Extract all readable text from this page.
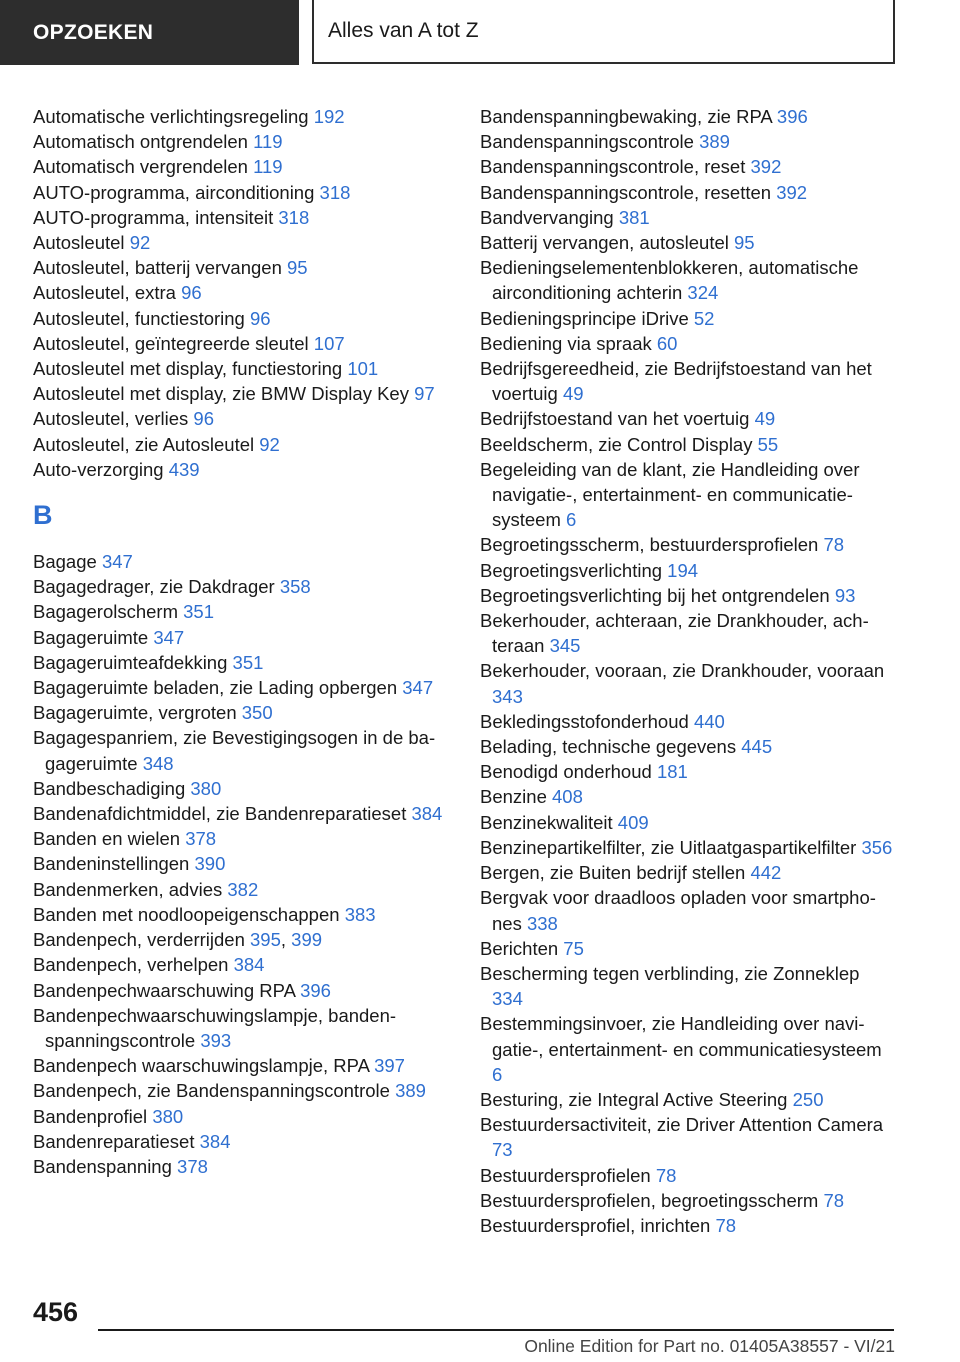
OPZOEKEN	Alles van A tot Z
Automatische verlichtingsregeling 192
Automatisch ontgrendelen 119
Automatisch vergrendelen 119
AUTO-programma, airconditioning 318
AUTO-programma, intensiteit 318
Autosleutel 92
Autosleutel, batterij vervangen 95
Autosleutel, extra 96
Autosleutel, functiestoring 96
Autosleutel, geïntegreerde sleutel 107
Autosleutel met display, functiestoring 101
Autosleutel met display, zie BMW Display Key 97
Autosleutel, verlies 96
Autosleutel, zie Autosleutel 92
Auto-verzorging 439
B
Bagage 347
Bagagedrager, zie Dakdrager 358
Bagagerolscherm 351
Bagageruimte 347
Bagageruimteafdekking 351
Bagageruimte beladen, zie Lading opbergen 347
Bagageruimte, vergroten 350
Bagagespanriem, zie Bevestigingsogen in de bagageruimte 348
Bandbeschadiging 380
Bandenafdichtmiddel, zie Bandenreparatieset 384
Banden en wielen 378
Bandeninstellingen 390
Bandenmerken, advies 382
Banden met noodloopeigenschappen 383
Bandenpech, verderrijden 395, 399
Bandenpech, verhelpen 384
Bandenpechwaarschuwing RPA 396
Bandenpechwaarschuwingslampje, bandenspanningscontrole 393
Bandenpech waarschuwingslampje, RPA 397
Bandenpech, zie Bandenspanningscontrole 389
Bandenprofiel 380
Bandenreparatieset 384
Bandenspanning 378
Bandenspanningbewaking, zie RPA 396
Bandenspanningscontrole 389
Bandenspanningscontrole, reset 392
Bandenspanningscontrole, resetten 392
Bandvervanging 381
Batterij vervangen, autosleutel 95
Bedieningselementenblokkeren, automatische airconditioning achterin 324
Bedieningsprincipe iDrive 52
Bediening via spraak 60
Bedrijfsgereedheid, zie Bedrijfstoestand van het voertuig 49
Bedrijfstoestand van het voertuig 49
Beeldscherm, zie Control Display 55
Begeleiding van de klant, zie Handleiding over navigatie-, entertainment- en communicatiesysteem 6
Begroetingsscherm, bestuurdersprofielen 78
Begroetingsverlichting 194
Begroetingsverlichting bij het ontgrendelen 93
Bekerhouder, achteraan, zie Drankhouder, achteraan 345
Bekerhouder, vooraan, zie Drankhouder, vooraan 343
Bekledingsstofonderhoud 440
Belading, technische gegevens 445
Benodigd onderhoud 181
Benzine 408
Benzinekwaliteit 409
Benzinepartikelfilter, zie Uitlaatgaspartikelfilter 356
Bergen, zie Buiten bedrijf stellen 442
Bergvak voor draadloos opladen voor smartphones 338
Berichten 75
Bescherming tegen verblinding, zie Zonneklep 334
Bestemmingsinvoer, zie Handleiding over navigatie-, entertainment- en communicatiesysteem 6
Besturing, zie Integral Active Steering 250
Bestuurdersactiviteit, zie Driver Attention Camera 73
Bestuurdersprofielen 78
Bestuurdersprofielen, begroetingsscherm 78
Bestuurdersprofiel, inrichten 78
456
Online Edition for Part no. 01405A38557 - VI/21
